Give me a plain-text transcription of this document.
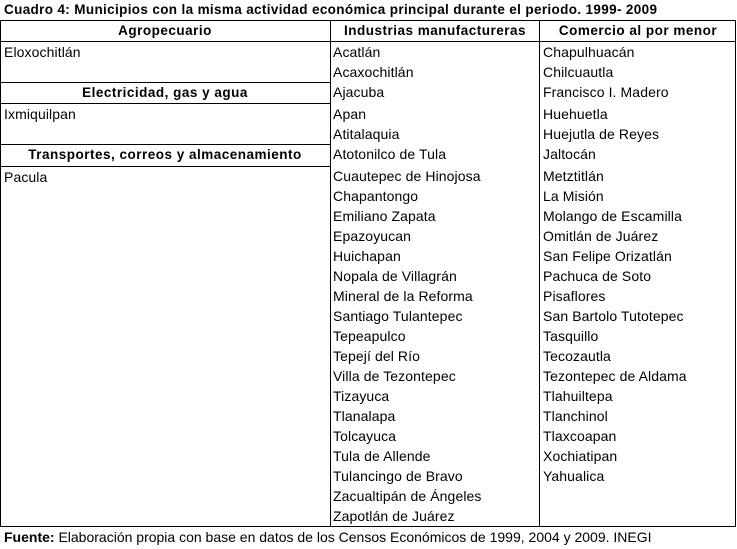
Cuadro 4: Municipios con la misma actividad económica principal durante el periodo. 1999- 2009
Agropecuario	Industrias manufactureras	Comercio al por menor
Electricidad, gas y agua
Transportes, correos y almacenamiento
Eloxochitlán
Ixmiquilpan
Pacula
Acatlán
Acaxochitlán
Ajacuba
Apan
Atitalaquia
Atotonilco de Tula
Cuautepec de Hinojosa
Chapantongo
Emiliano Zapata
Epazoyucan
Huichapan
Nopala de Villagrán
Mineral de la Reforma
Santiago Tulantepec
Tepeapulco
Tepejí del Río
Villa de Tezontepec
Tizayuca
Tlanalapa
Tolcayuca
Tula de Allende
Tulancingo de Bravo
Zacualtipán de Ángeles
Zapotlán de Juárez
Chapulhuacán
Chilcuautla
Francisco I. Madero
Huehuetla
Huejutla de Reyes
Jaltocán
Metztitlán
La Misión
Molango de Escamilla
Omitlán de Juárez
San Felipe Orizatlán
Pachuca de Soto
Pisaflores
San Bartolo Tutotepec
Tasquillo
Tecozautla
Tezontepec de Aldama
Tlahuiltepa
Tlanchinol
Tlaxcoapan
Xochiatipan
Yahualica
Fuente: Elaboración propia con base en datos de los Censos Económicos de 1999, 2004 y 2009. INEGI
